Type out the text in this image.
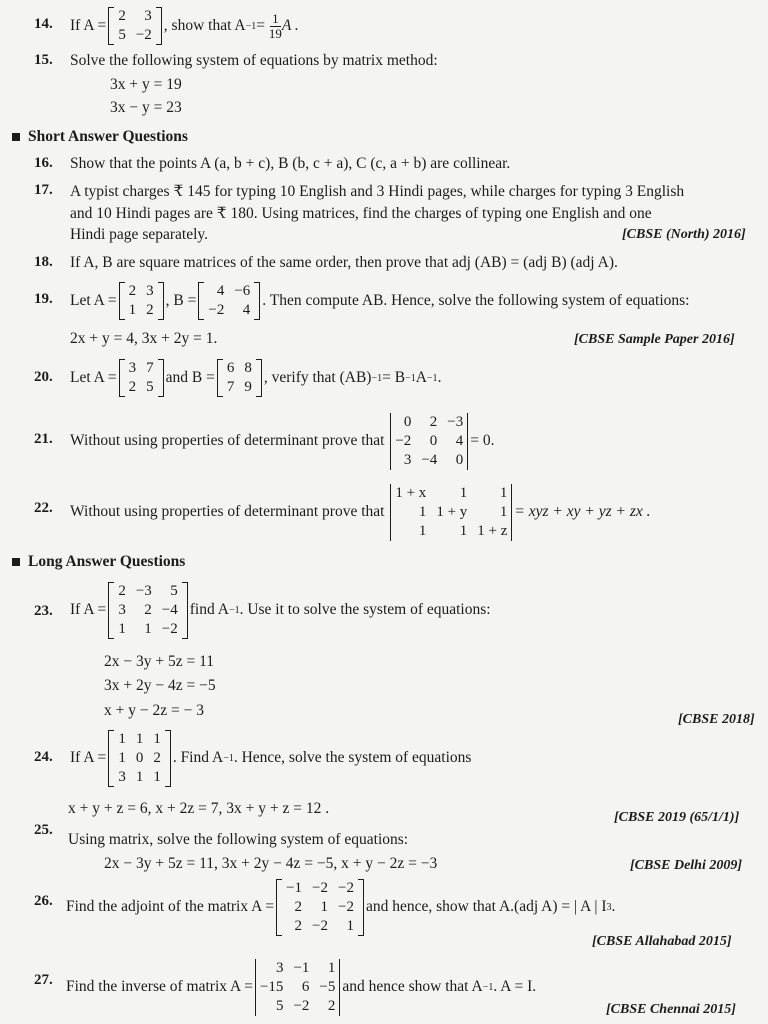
14. If A =
2	3
5 −2
, show that A −1 =
$\frac{1}{19}$ A .
15. Solve the following system of equations by matrix method:
3x + y = 19
3x − y = 23
Short Answer Questions
16. Show that the points A (a, b + c), B (b, c + a), C (c, a + b) are collinear.
17. A typist charges ₹ 145 for typing 10 English and 3 Hindi pages, while charges for typing 3 English
and 10 Hindi pages are ₹ 180. Using matrices, find the charges of typing one English and one
Hindi page separately.	[CBSE (North) 2016]
18. If A, B are square matrices of the same order, then prove that adj (AB) = (adj B) (adj A).
19. Let A =
2 3
1 2
, B =
4 −6
−2	4
. Then compute AB. Hence, solve the following system of equations:
2x + y = 4, 3x + 2y = 1.	[CBSE Sample Paper 2016]
20. Let A =
3 7
2 5
and B =
6 8
7 9
, verify that (AB) −1 = B −1 A −1 .
21. Without using properties of determinant prove that

0	2 −3
−2	0	4
3 −4	0
= 0.
22. Without using properties of determinant prove that

1 + x	1	1
1 1 + y	1
1	1 1 + z
= xyz + xy + yz + zx .
Long Answer Questions
23. If A =
2 −3	5
3	2 −4
1	1 −2
find A −1 . Use it to solve the system of equations:
2x − 3y + 5z = 11
3x + 2y − 4z = −5
x + y − 2z = − 3
[CBSE 2018]
24. If A =
1 1 1
1 0 2
3 1 1
. Find A −1 . Hence, solve the system of equations
x + y + z = 6, x + 2z = 7, 3x + y + z = 12 .
[CBSE 2019 (65/1/1)]
25.
Using matrix, solve the following system of equations:
2x − 3y + 5z = 11, 3x + 2y − 4z = −5, x + y − 2z = −3	[CBSE Delhi 2009]
26. Find the adjoint of the matrix A =
−1 −2 −2
2	1 −2
2 −2	1
and hence, show that A.(adj A) = | A | I 3 .
[CBSE Allahabad 2015]
27. Find the inverse of matrix A =
3 −1	1
−15	6 −5
5 −2	2
and hence show that A −1 . A = I.
[CBSE Chennai 2015]
